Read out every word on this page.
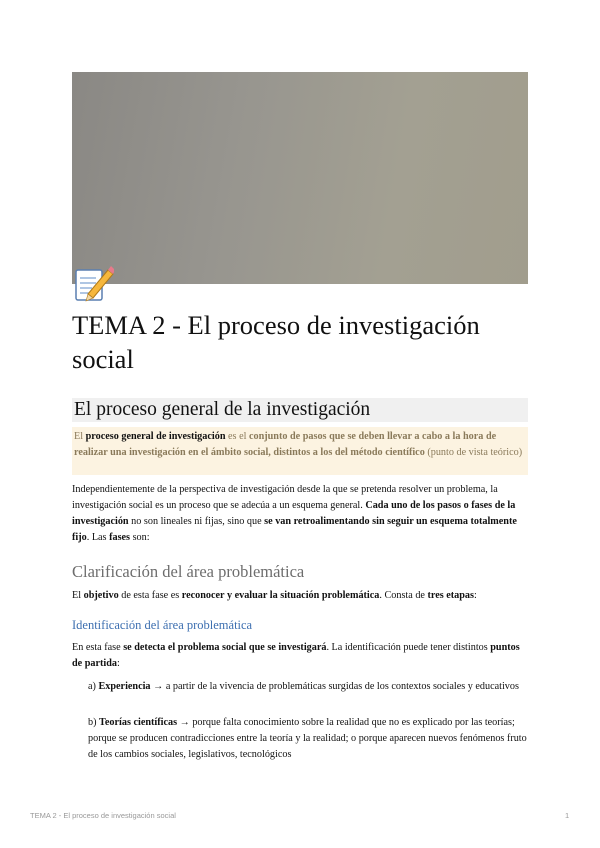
TEMA 2 - El proceso de investigación social
El proceso general de la investigación

El proceso general de investigación es el conjunto de pasos que se deben llevar a cabo a la hora de realizar una investigación en el ámbito social, distintos a los del método científico (punto de vista teórico)

Independientemente de la perspectiva de investigación desde la que se pretenda resolver un problema, la investigación social es un proceso que se adecúa a un esquema general. Cada uno de los pasos o fases de la investigación no son lineales ni fijas, sino que se van retroalimentando sin seguir un esquema totalmente fijo. Las fases son:

Clarificación del área problemática

El objetivo de esta fase es reconocer y evaluar la situación problemática. Consta de tres etapas:

Identificación del área problemática

En esta fase se detecta el problema social que se investigará. La identificación puede tener distintos puntos de partida:

a) Experiencia → a partir de la vivencia de problemáticas surgidas de los contextos sociales y educativos

b) Teorías científicas → porque falta conocimiento sobre la realidad que no es explicado por las teorías; porque se producen contradicciones entre la teoría y la realidad; o porque aparecen nuevos fenómenos fruto de los cambios sociales, legislativos, tecnológicos

TEMA 2 - El proceso de investigación social	1
